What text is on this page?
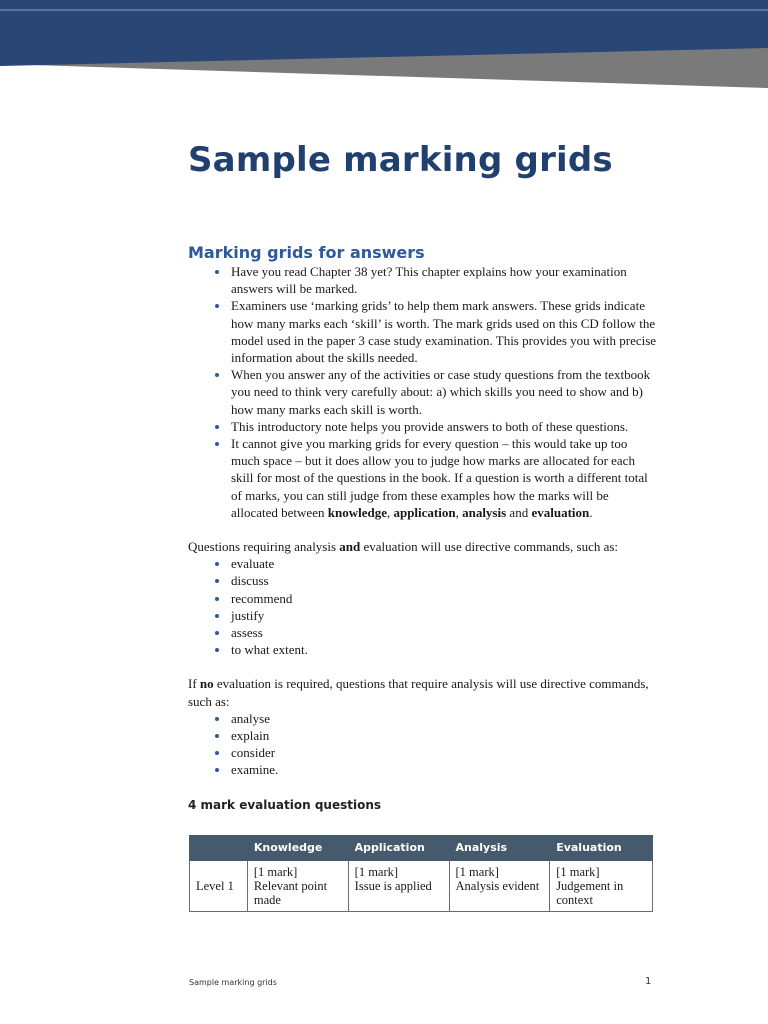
Sample marking grids
Marking grids for answers
Have you read Chapter 38 yet? This chapter explains how your examination answers will be marked.
Examiners use ‘marking grids’ to help them mark answers. These grids indicate how many marks each ‘skill’ is worth. The mark grids used on this CD follow the model used in the paper 3 case study examination. This provides you with precise information about the skills needed.
When you answer any of the activities or case study questions from the textbook you need to think very carefully about: a) which skills you need to show and b) how many marks each skill is worth.
This introductory note helps you provide answers to both of these questions.
It cannot give you marking grids for every question – this would take up too much space – but it does allow you to judge how marks are allocated for each skill for most of the questions in the book. If a question is worth a different total of marks, you can still judge from these examples how the marks will be allocated between knowledge, application, analysis and evaluation.

Questions requiring analysis and evaluation will use directive commands, such as:

evaluate
discuss
recommend
justify
assess
to what extent.

If no evaluation is required, questions that require analysis will use directive commands, such as:

analyse
explain
consider
examine.

4 mark evaluation questions

	Knowledge	Application	Analysis	Evaluation
Level 1	[1 mark]
Relevant point
made	[1 mark]
Issue is applied	[1 mark]
Analysis evident	[1 mark]
Judgement in
context
Sample marking grids	1
